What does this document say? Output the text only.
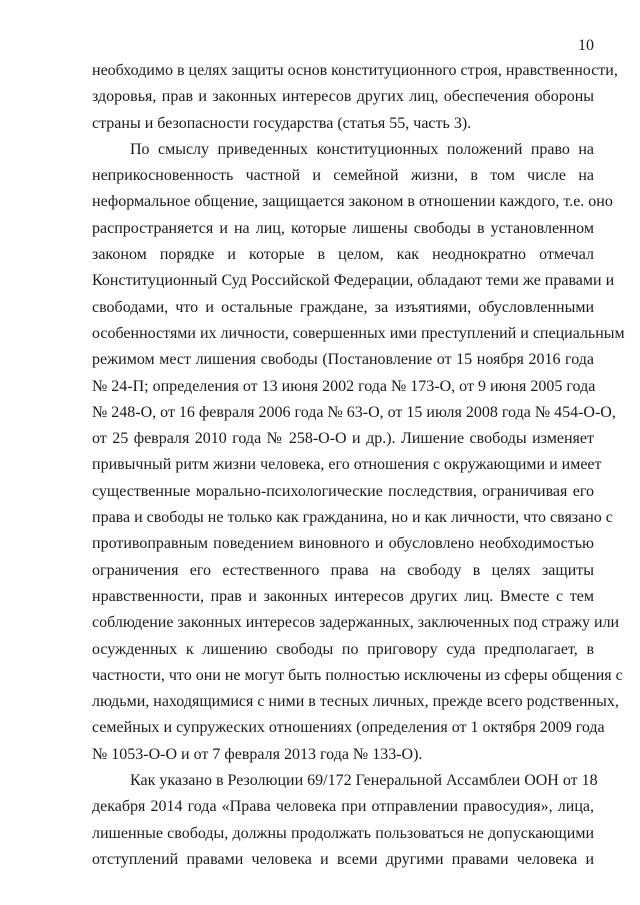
10
необходимо в целях защиты основ конституционного строя, нравственности,
здоровья, прав и законных интересов других лиц, обеспечения обороны
страны и безопасности государства (статья 55, часть 3).
По смыслу приведенных конституционных положений право на
неприкосновенность частной и семейной жизни, в том числе на
неформальное общение, защищается законом в отношении каждого, т.е. оно
распространяется и на лиц, которые лишены свободы в установленном
законом порядке и которые в целом, как неоднократно отмечал
Конституционный Суд Российской Федерации, обладают теми же правами и
свободами, что и остальные граждане, за изъятиями, обусловленными
особенностями их личности, совершенных ими преступлений и специальным
режимом мест лишения свободы (Постановление от 15 ноября 2016 года
№ 24-П; определения от 13 июня 2002 года № 173-О, от 9 июня 2005 года
№ 248-О, от 16 февраля 2006 года № 63-О, от 15 июля 2008 года № 454-О-О,
от 25 февраля 2010 года № 258-О-О и др.). Лишение свободы изменяет
привычный ритм жизни человека, его отношения с окружающими и имеет
существенные морально-психологические последствия, ограничивая его
права и свободы не только как гражданина, но и как личности, что связано с
противоправным поведением виновного и обусловлено необходимостью
ограничения его естественного права на свободу в целях защиты
нравственности, прав и законных интересов других лиц. Вместе с тем
соблюдение законных интересов задержанных, заключенных под стражу или
осужденных к лишению свободы по приговору суда предполагает, в
частности, что они не могут быть полностью исключены из сферы общения с
людьми, находящимися с ними в тесных личных, прежде всего родственных,
семейных и супружеских отношениях (определения от 1 октября 2009 года
№ 1053-О-О и от 7 февраля 2013 года № 133-О).
Как указано в Резолюции 69/172 Генеральной Ассамблеи ООН от 18
декабря 2014 года «Права человека при отправлении правосудия», лица,
лишенные свободы, должны продолжать пользоваться не допускающими
отступлений правами человека и всеми другими правами человека и
